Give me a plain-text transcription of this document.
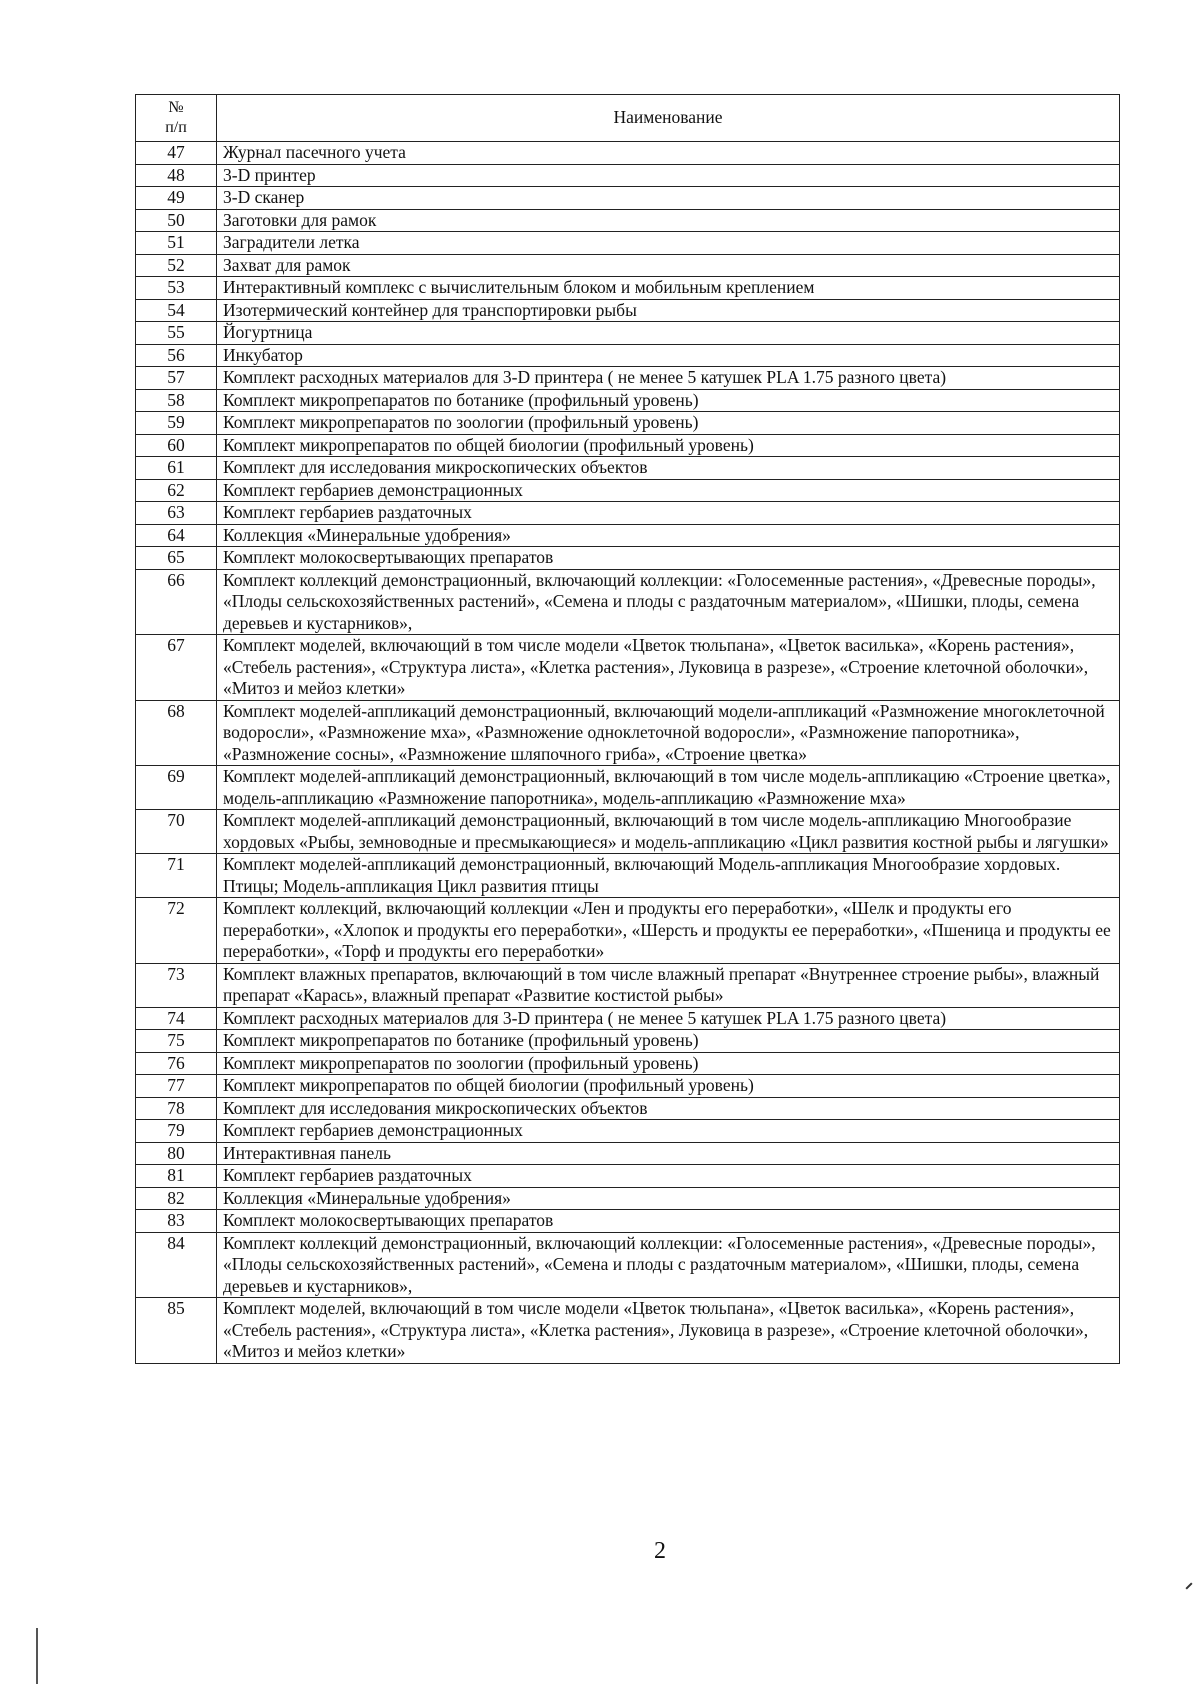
№
п/п	Наименование
47	Журнал пасечного учета
48	3-D принтер
49	3-D сканер
50	Заготовки для рамок
51	Заградители летка
52	Захват для рамок
53	Интерактивный комплекс с вычислительным блоком и мобильным креплением
54	Изотермический контейнер для транспортировки рыбы
55	Йогуртница
56	Инкубатор
57	Комплект расходных материалов для 3-D принтера ( не менее 5 катушек PLA 1.75 разного цвета)
58	Комплект микропрепаратов по ботанике (профильный уровень)
59	Комплект микропрепаратов по зоологии (профильный уровень)
60	Комплект микропрепаратов по общей биологии (профильный уровень)
61	Комплект для исследования микроскопических объектов
62	Комплект гербариев демонстрационных
63	Комплект гербариев раздаточных
64	Коллекция «Минеральные удобрения»
65	Комплект молокосвертывающих препаратов
66	Комплект коллекций демонстрационный, включающий коллекции: «Голосеменные растения», «Древесные породы», «Плоды сельскохозяйственных растений», «Семена и плоды с раздаточным материалом», «Шишки, плоды, семена деревьев и кустарников»,
67	Комплект моделей, включающий в том числе модели «Цветок тюльпана», «Цветок василька», «Корень растения», «Стебель растения», «Структура листа», «Клетка растения», Луковица в разрезе», «Строение клеточной оболочки», «Митоз и мейоз клетки»
68	Комплект моделей-аппликаций демонстрационный, включающий модели-аппликаций «Размножение многоклеточной водоросли», «Размножение мха», «Размножение одноклеточной водоросли», «Размножение папоротника», «Размножение сосны», «Размножение шляпочного гриба», «Строение цветка»
69	Комплект моделей-аппликаций демонстрационный, включающий в том числе модель-аппликацию «Строение цветка», модель-аппликацию «Размножение папоротника», модель-аппликацию «Размножение мха»
70	Комплект моделей-аппликаций демонстрационный, включающий в том числе модель-аппликацию Многообразие хордовых «Рыбы, земноводные и пресмыкающиеся» и модель-аппликацию «Цикл развития костной рыбы и лягушки»
71	Комплект моделей-аппликаций демонстрационный, включающий Модель-аппликация Многообразие хордовых. Птицы; Модель-аппликация Цикл развития птицы
72	Комплект коллекций, включающий коллекции «Лен и продукты его переработки», «Шелк и продукты его переработки», «Хлопок и продукты его переработки», «Шерсть и продукты ее переработки», «Пшеница и продукты ее переработки», «Торф и продукты его переработки»
73	Комплект влажных препаратов, включающий в том числе влажный препарат «Внутреннее строение рыбы», влажный препарат «Карась», влажный препарат «Развитие костистой рыбы»
74	Комплект расходных материалов для 3-D принтера ( не менее 5 катушек PLA 1.75 разного цвета)
75	Комплект микропрепаратов по ботанике (профильный уровень)
76	Комплект микропрепаратов по зоологии (профильный уровень)
77	Комплект микропрепаратов по общей биологии (профильный уровень)
78	Комплект для исследования микроскопических объектов
79	Комплект гербариев демонстрационных
80	Интерактивная панель
81	Комплект гербариев раздаточных
82	Коллекция «Минеральные удобрения»
83	Комплект молокосвертывающих препаратов
84	Комплект коллекций демонстрационный, включающий коллекции: «Голосеменные растения», «Древесные породы», «Плоды сельскохозяйственных растений», «Семена и плоды с раздаточным материалом», «Шишки, плоды, семена деревьев и кустарников»,
85	Комплект моделей, включающий в том числе модели «Цветок тюльпана», «Цветок василька», «Корень растения», «Стебель растения», «Структура листа», «Клетка растения», Луковица в разрезе», «Строение клеточной оболочки», «Митоз и мейоз клетки»
2
